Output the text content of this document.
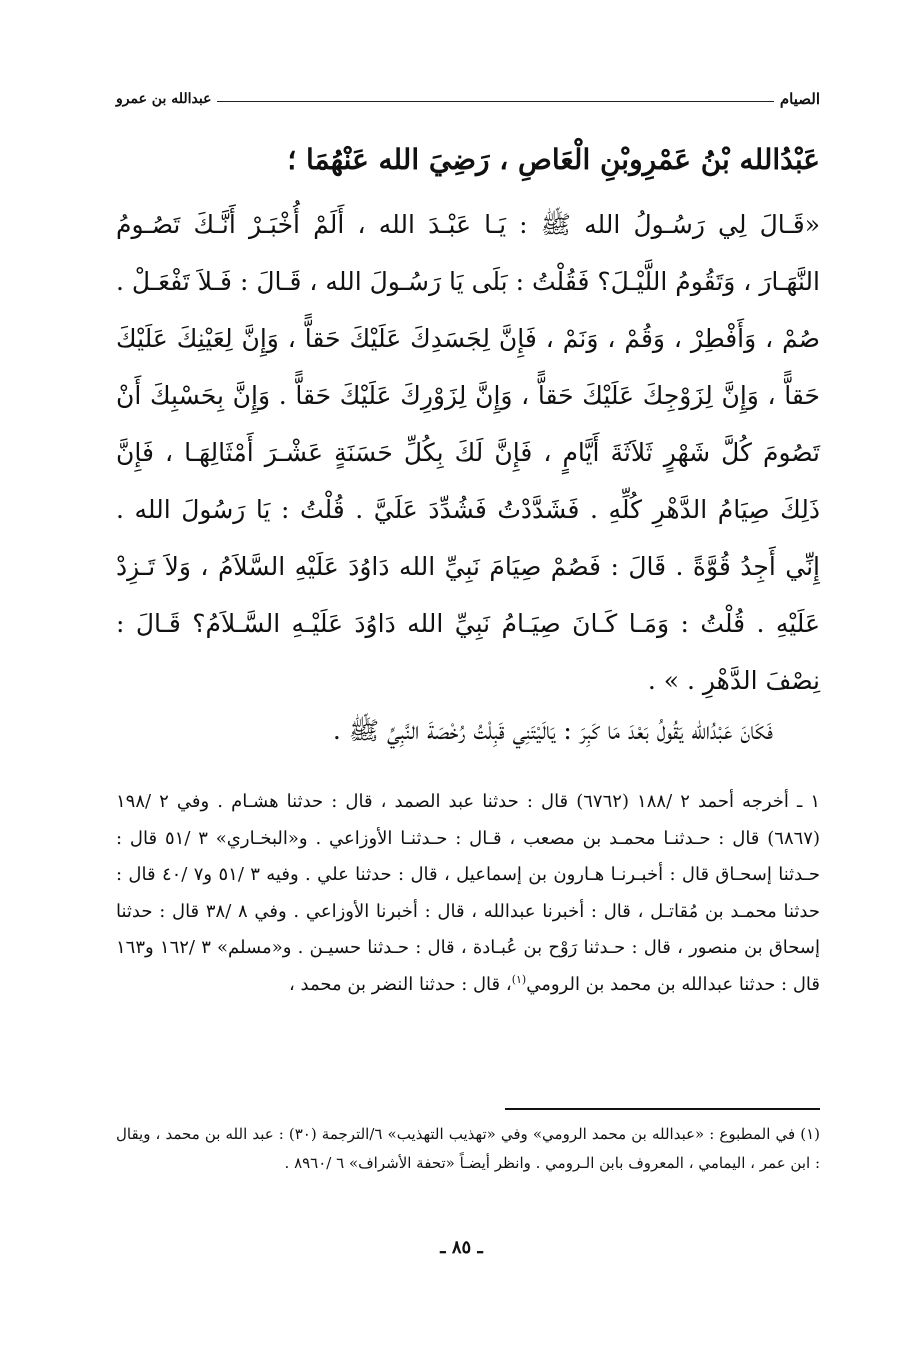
الصيام
عبدالله بن عمرو
عَبْدُالله بْنُ عَمْرِوبْنِ الْعَاصِ ، رَضِيَ الله عَنْهُمَا ؛
«قَـالَ لِي رَسُـولُ الله ﷺ : يَـا عَبْـدَ الله ، أَلَمْ أُخْبَـرْ أَنَّـكَ تَصُـومُ النَّهَـارَ ، وَتَقُومُ اللَّيْـلَ؟ فَقُلْتُ : بَلَى يَا رَسُـولَ الله ، قَـالَ : فَـلاَ تَفْعَـلْ . صُمْ ، وَأَفْطِرْ ، وَقُمْ ، وَنَمْ ، فَإِنَّ لِجَسَدِكَ عَلَيْكَ حَقاًّ ، وَإِنَّ لِعَيْنِكَ عَلَيْكَ حَقاًّ ، وَإِنَّ لِزَوْجِكَ عَلَيْكَ حَقاًّ ، وَإِنَّ لِزَوْرِكَ عَلَيْكَ حَقاًّ . وَإِنَّ بِحَسْبِكَ أَنْ تَصُومَ كُلَّ شَهْرٍ ثَلاَثَةَ أَيَّامٍ ، فَإِنَّ لَكَ بِكُلِّ حَسَنَةٍ عَشْـرَ أَمْثَالِهَـا ، فَإِنَّ ذَلِكَ صِيَامُ الدَّهْرِ كُلِّهِ . فَشَدَّدْتُ فَشُدِّدَ عَلَيَّ . قُلْتُ : يَا رَسُولَ الله . إِنِّي أَجِدُ قُوَّةً . قَالَ : فَصُمْ صِيَامَ نَبِيِّ الله دَاوُدَ عَلَيْهِ السَّلاَمُ ، وَلاَ تَـزِدْ عَلَيْهِ . قُلْتُ : وَمَـا كَـانَ صِيَـامُ نَبِيِّ الله دَاوُدَ عَلَيْـهِ السَّـلاَمُ؟ قَـالَ : نِصْفَ الدَّهْرِ . » .
فَكَانَ عَبْدُالله يَقُولُ بَعْدَ مَا كَبِرَ : يَالَيْتَنِي قَبِلْتُ رُخْصَةَ النَّبِيِّ ﷺ .
١ ـ أخرجه أحمد ٢ /١٨٨ (٦٧٦٢) قال : حدثنا عبد الصمد ، قال : حدثنا هشـام . وفي ٢ /١٩٨ (٦٨٦٧) قال : حـدثنـا محمـد بن مصعب ، قـال : حـدثنـا الأوزاعي . و«البخـاري» ٣ /٥١ قال : حـدثنا إسحـاق قال : أخبـرنـا هـارون بن إسماعيل ، قال : حدثنا علي . وفيه ٣ /٥١ و٧ /٤٠ قال : حدثنا محمـد بن مُقاتـل ، قال : أخبرنا عبدالله ، قال : أخبرنا الأوزاعي . وفي ٨ /٣٨ قال : حدثنا إسحاق بن منصور ، قال : حـدثنا رَوْح بن عُبـادة ، قال : حـدثنا حسيـن . و«مسلم» ٣ /١٦٢ و١٦٣ قال : حدثنا عبدالله بن محمد بن الرومي$^{(١)}$، قال : حدثنا النضر بن محمد ،
(١) في المطبوع : «عبدالله بن محمد الرومي» وفي «تهذيب التهذيب» ٦/الترجمة (٣٠) : عبد الله بن محمد ، ويقال : ابن عمر ، اليمامي ، المعروف بابن الـرومي . وانظر أيضـاً «تحفة الأشراف» ٦ /٨٩٦٠ .
ـ ٨٥ ـ
